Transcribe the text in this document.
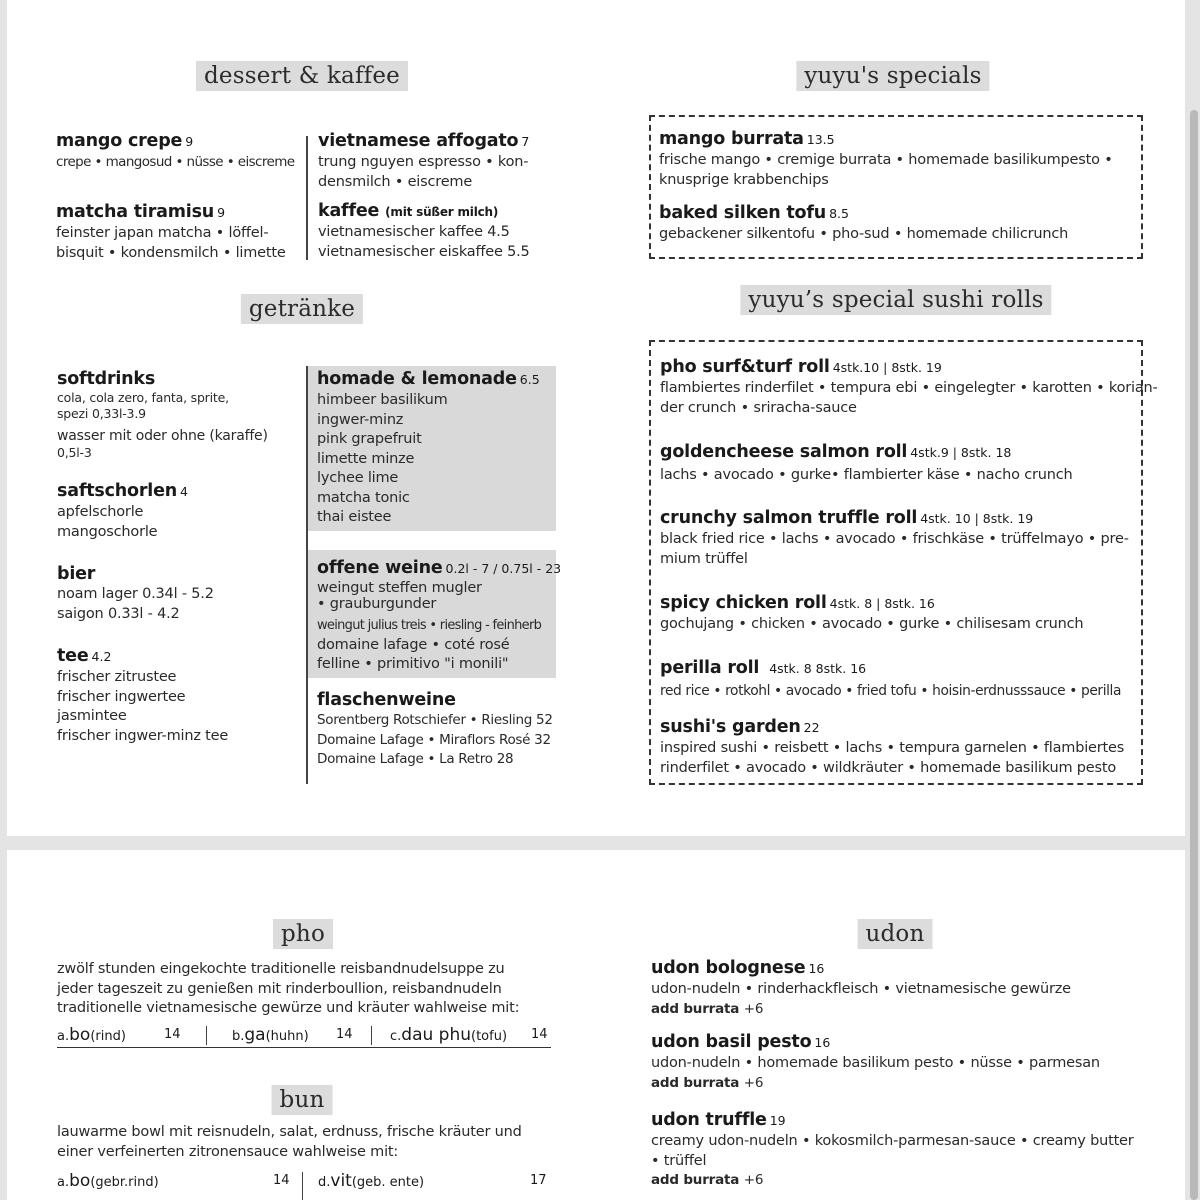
dessert & kaffee	yuyu's specials
getränke	yuyu’s special sushi rolls
mango crepe 9
crepe • mangosud • nüsse • eiscreme
matcha tiramisu 9
feinster japan matcha • löffel-
bisquit • kondensmilch • limette
vietnamese affogato 7
trung nguyen espresso • kon-
densmilch • eiscreme
kaffee (mit süßer milch)
vietnamesischer kaffee 4.5
vietnamesischer eiskaffee 5.5
mango burrata 13.5
frische mango • cremige burrata • homemade basilikumpesto •
knusprige krabbenchips
baked silken tofu 8.5
gebackener silkentofu • pho-sud • homemade chilicrunch
softdrinks
cola, cola zero, fanta, sprite,
spezi 0,33l-3.9
wasser mit oder ohne (karaffe)
0,5l-3
saftschorlen 4
apfelschorle
mangoschorle
bier
noam lager 0.34l - 5.2
saigon 0.33l - 4.2
tee 4.2
frischer zitrustee
frischer ingwertee
jasmintee
frischer ingwer-minz tee
homade & lemonade 6.5
himbeer basilikum
ingwer-minz
pink grapefruit
limette minze
lychee lime
matcha tonic
thai eistee
offene weine 0.2l - 7 / 0.75l - 23
weingut steffen mugler
• grauburgunder
weingut julius treis • riesling - feinherb
domaine lafage • coté rosé
felline • primitivo "i monili"
flaschenweine
Sorentberg Rotschiefer • Riesling 52
Domaine Lafage • Miraflors Rosé 32
Domaine Lafage • La Retro 28
pho surf&turf roll 4stk.10 | 8stk. 19
flambiertes rinderfilet • tempura ebi • eingelegter • karotten • korian-
der crunch • sriracha-sauce
goldencheese salmon roll 4stk.9 | 8stk. 18
lachs • avocado • gurke• flambierter käse • nacho crunch
crunchy salmon truffle roll 4stk. 10 | 8stk. 19
black fried rice • lachs • avocado • frischkäse • trüffelmayo • pre-
mium trüffel
spicy chicken roll 4stk. 8 | 8stk. 16
gochujang • chicken • avocado • gurke • chilisesam crunch
perilla roll 4stk. 8 8stk. 16
red rice • rotkohl • avocado • fried tofu • hoisin-erdnusssauce • perilla
sushi's garden 22
inspired sushi • reisbett • lachs • tempura garnelen • flambiertes
rinderfilet • avocado • wildkräuter • homemade basilikum pesto
pho	udon
bun
zwölf stunden eingekochte traditionelle reisbandnudelsuppe zu
jeder tageszeit zu genießen mit rinderboullion, reisbandnudeln
traditionelle vietnamesische gewürze und kräuter wahlweise mit:
a.bo(rind)	14	b.ga(huhn) 14	c.dau phu(tofu) 14
lauwarme bowl mit reisnudeln, salat, erdnuss, frische kräuter und
einer verfeinerten zitronensauce wahlweise mit:
a.bo(gebr.rind)	14 d.vit(geb. ente)	17
udon bolognese 16
udon-nudeln • rinderhackfleisch • vietnamesische gewürze
add burrata +6
udon basil pesto 16
udon-nudeln • homemade basilikum pesto • nüsse • parmesan
add burrata +6
udon truffle 19
creamy udon-nudeln • kokosmilch-parmesan-sauce • creamy butter
• trüffel
add burrata +6
